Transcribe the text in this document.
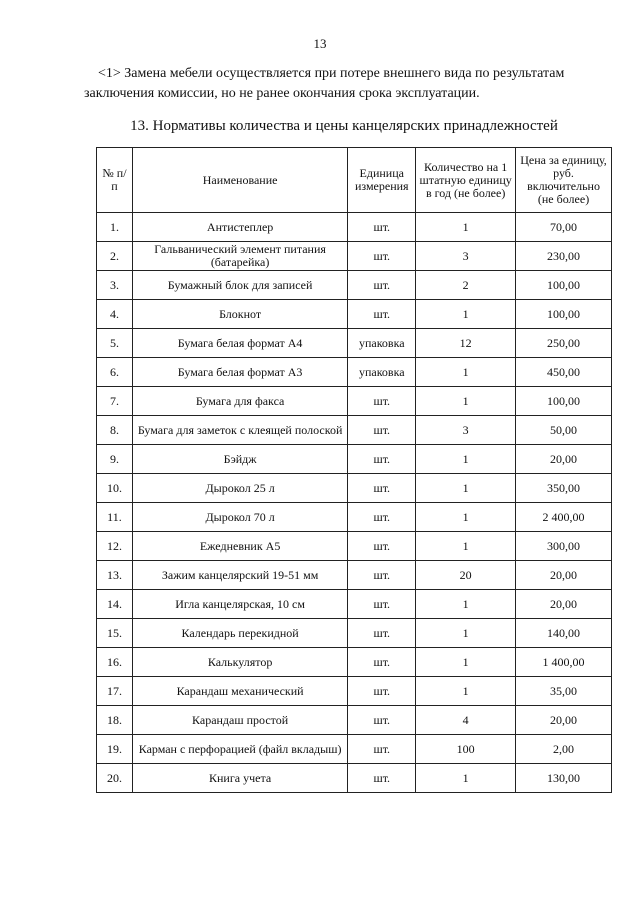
13

<1> Замена мебели осуществляется при потере внешнего вида по результатам заключения комиссии, но не ранее окончания срока эксплуатации.

13. Нормативы количества и цены канцелярских принадлежностей
№ п/п	Наименование	Единица измерения	Количество на 1 штатную единицу в год (не более)	Цена за единицу, руб. включительно (не более)
1.	Антистеплер	шт.	1	70,00
2.	Гальванический элемент питания (батарейка)	шт.	3	230,00
3.	Бумажный блок для записей	шт.	2	100,00
4.	Блокнот	шт.	1	100,00
5.	Бумага белая формат А4	упаковка	12	250,00
6.	Бумага белая формат А3	упаковка	1	450,00
7.	Бумага для факса	шт.	1	100,00
8.	Бумага для заметок с клеящей полоской	шт.	3	50,00
9.	Бэйдж	шт.	1	20,00
10.	Дырокол 25 л	шт.	1	350,00
11.	Дырокол 70 л	шт.	1	2 400,00
12.	Ежедневник А5	шт.	1	300,00
13.	Зажим канцелярский 19-51 мм	шт.	20	20,00
14.	Игла канцелярская, 10 см	шт.	1	20,00
15.	Календарь перекидной	шт.	1	140,00
16.	Калькулятор	шт.	1	1 400,00
17.	Карандаш механический	шт.	1	35,00
18.	Карандаш простой	шт.	4	20,00
19.	Карман с перфорацией (файл вкладыш)	шт.	100	2,00
20.	Книга учета	шт.	1	130,00
